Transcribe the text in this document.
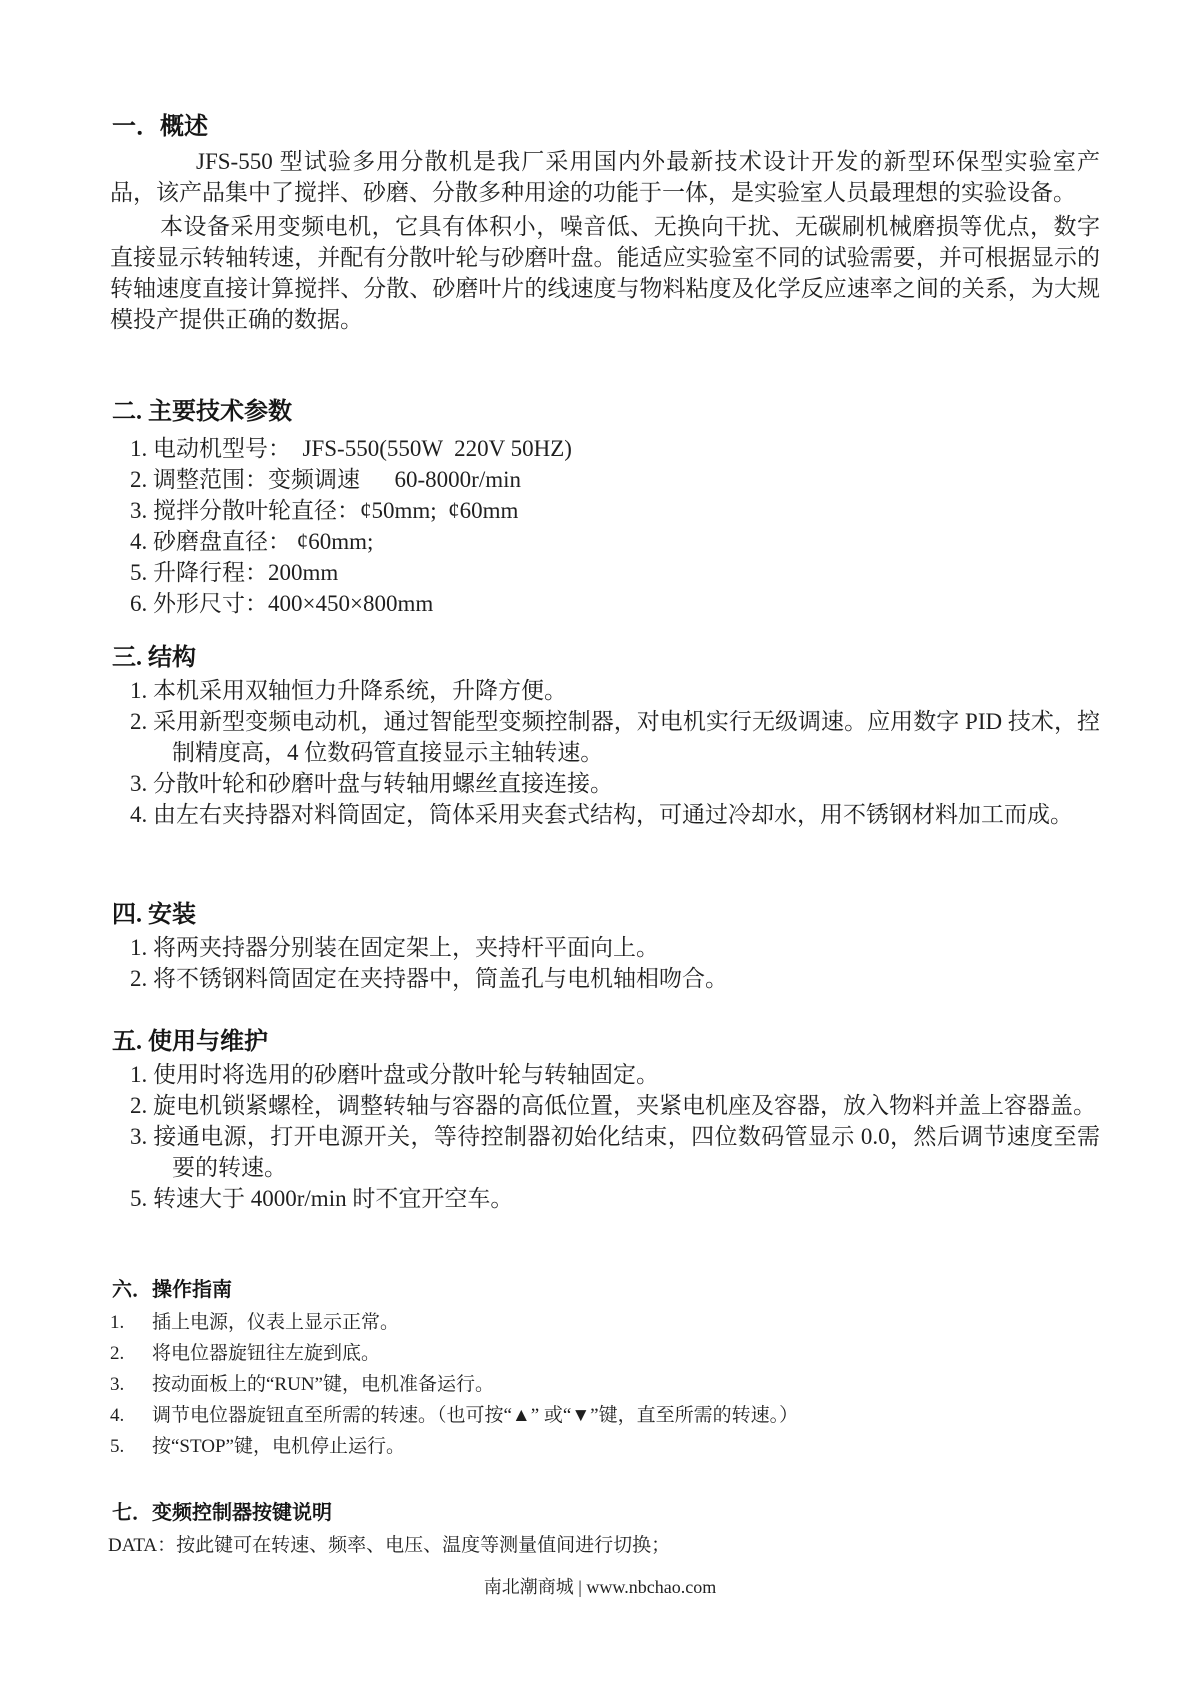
一．概述

JFS-550 型试验多用分散机是我厂采用国内外最新技术设计开发的新型环保型实验室产品，该产品集中了搅拌、砂磨、分散多种用途的功能于一体，是实验室人员最理想的实验设备。

本设备采用变频电机，它具有体积小，噪音低、无换向干扰、无碳刷机械磨损等优点，数字直接显示转轴转速，并配有分散叶轮与砂磨叶盘。能适应实验室不同的试验需要，并可根据显示的转轴速度直接计算搅拌、分散、砂磨叶片的线速度与物料粘度及化学反应速率之间的关系，为大规模投产提供正确的数据。

二. 主要技术参数
1. 电动机型号：  JFS-550(550W  220V 50HZ)
2. 调整范围：变频调速      60-8000r/min
3. 搅拌分散叶轮直径：¢50mm;  ¢60mm
4. 砂磨盘直径： ¢60mm;
5. 升降行程：200mm
6. 外形尺寸：400×450×800mm
三. 结构
1. 本机采用双轴恒力升降系统，升降方便。
2. 采用新型变频电动机，通过智能型变频控制器，对电机实行无级调速。应用数字 PID 技术，控制精度高，4 位数码管直接显示主轴转速。
3. 分散叶轮和砂磨叶盘与转轴用螺丝直接连接。
4. 由左右夹持器对料筒固定，筒体采用夹套式结构，可通过冷却水，用不锈钢材料加工而成。
四. 安装
1. 将两夹持器分别装在固定架上，夹持杆平面向上。
2. 将不锈钢料筒固定在夹持器中，筒盖孔与电机轴相吻合。
五. 使用与维护
1. 使用时将选用的砂磨叶盘或分散叶轮与转轴固定。
2. 旋电机锁紧螺栓，调整转轴与容器的高低位置，夹紧电机座及容器，放入物料并盖上容器盖。
3. 接通电源，打开电源开关，等待控制器初始化结束，四位数码管显示 0.0，然后调节速度至需要的转速。
5. 转速大于 4000r/min 时不宜开空车。
六．操作指南
1.	插上电源，仪表上显示正常。
2.	将电位器旋钮往左旋到底。
3.	按动面板上的“RUN”键，电机准备运行。
4.	调节电位器旋钮直至所需的转速。（也可按“▲” 或“▼”键，直至所需的转速。）
5.	按“STOP”键，电机停止运行。
七．变频控制器按键说明

DATA：按此键可在转速、频率、电压、温度等测量值间进行切换；

南北潮商城 | www.nbchao.com
